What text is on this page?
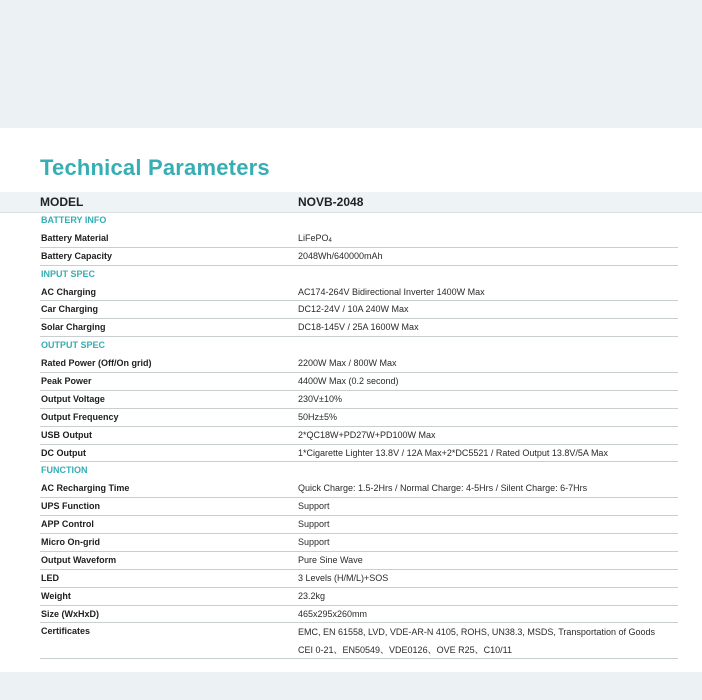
Technical Parameters
MODEL	NOVB-2048
BATTERY INFO
Battery Material	LiFePO$_4$
Battery Capacity	2048Wh/640000mAh
INPUT SPEC
AC Charging	AC174-264V Bidirectional Inverter 1400W Max
Car Charging	DC12-24V / 10A 240W Max
Solar Charging	DC18-145V / 25A 1600W Max
OUTPUT SPEC
Rated Power (Off/On grid)	2200W Max / 800W Max
Peak Power	4400W Max (0.2 second)
Output Voltage	230V±10%
Output Frequency	50Hz±5%
USB Output	2*QC18W+PD27W+PD100W Max
DC Output	1*Cigarette Lighter 13.8V / 12A Max+2*DC5521 / Rated Output 13.8V/5A Max
FUNCTION
AC Recharging Time	Quick Charge: 1.5-2Hrs / Normal Charge: 4-5Hrs / Silent Charge: 6-7Hrs
UPS Function	Support
APP Control	Support
Micro On-grid	Support
Output Waveform	Pure Sine Wave
LED	3 Levels (H/M/L)+SOS
Weight	23.2kg
Size (WxHxD)	465x295x260mm
Certificates	EMC, EN 61558, LVD, VDE-AR-N 4105, ROHS, UN38.3, MSDS, Transportation of Goods
CEI 0-21、EN50549、VDE0126、OVE R25、C10/11
